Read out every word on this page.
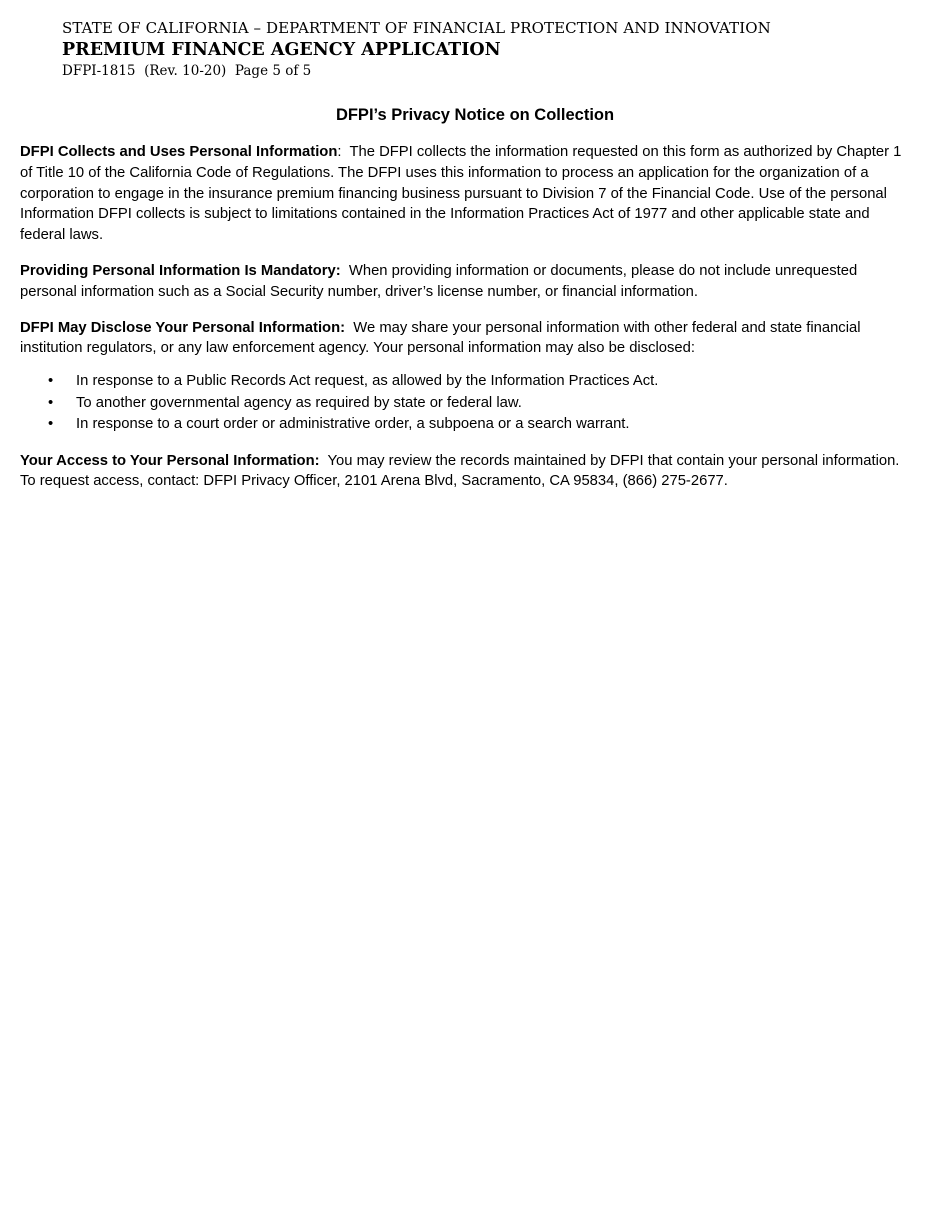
STATE OF CALIFORNIA – DEPARTMENT OF FINANCIAL PROTECTION AND INNOVATION
PREMIUM FINANCE AGENCY APPLICATION
DFPI-1815  (Rev. 10-20)  Page 5 of 5
DFPI’s Privacy Notice on Collection

DFPI Collects and Uses Personal Information:  The DFPI collects the information requested on this form as authorized by Chapter 1 of Title 10 of the California Code of Regulations. The DFPI uses this information to process an application for the organization of a corporation to engage in the insurance premium financing business pursuant to Division 7 of the Financial Code. Use of the personal Information DFPI collects is subject to limitations contained in the Information Practices Act of 1977 and other applicable state and federal laws.

Providing Personal Information Is Mandatory: When providing information or documents, please do not include unrequested personal information such as a Social Security number, driver’s license number, or financial information.

DFPI May Disclose Your Personal Information: We may share your personal information with other federal and state financial institution regulators, or any law enforcement agency. Your personal information may also be disclosed:

• In response to a Public Records Act request, as allowed by the Information Practices Act.
• To another governmental agency as required by state or federal law.
• In response to a court order or administrative order, a subpoena or a search warrant.

Your Access to Your Personal Information: You may review the records maintained by DFPI that contain your personal information. To request access, contact: DFPI Privacy Officer, 2101 Arena Blvd, Sacramento, CA 95834, (866) 275-2677.
